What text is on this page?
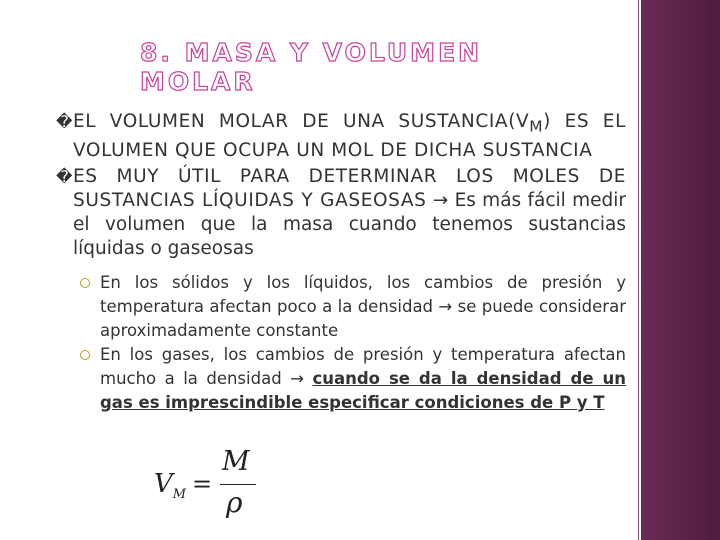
8. MASA Y VOLUMEN MOLAR
� EL VOLUMEN MOLAR DE UNA $SUSTANCIA(V_M)$ ES EL VOLUMEN QUE OCUPA UN MOL DE DICHA SUSTANCIA
� ES MUY ÚTIL PARA DETERMINAR LOS MOLES DE SUSTANCIAS LÍQUIDAS Y GASEOSAS → Es más fácil medir el volumen que la masa cuando tenemos sustancias líquidas o gaseosas
En los sólidos y los líquidos, los cambios de presión y temperatura afectan poco a la densidad → se puede considerar aproximadamente constante
En los gases, los cambios de presión y temperatura afectan mucho a la densidad → cuando se da la densidad de un gas es imprescindible especificar condiciones de P y T
$V_M$ =
M
ρ
